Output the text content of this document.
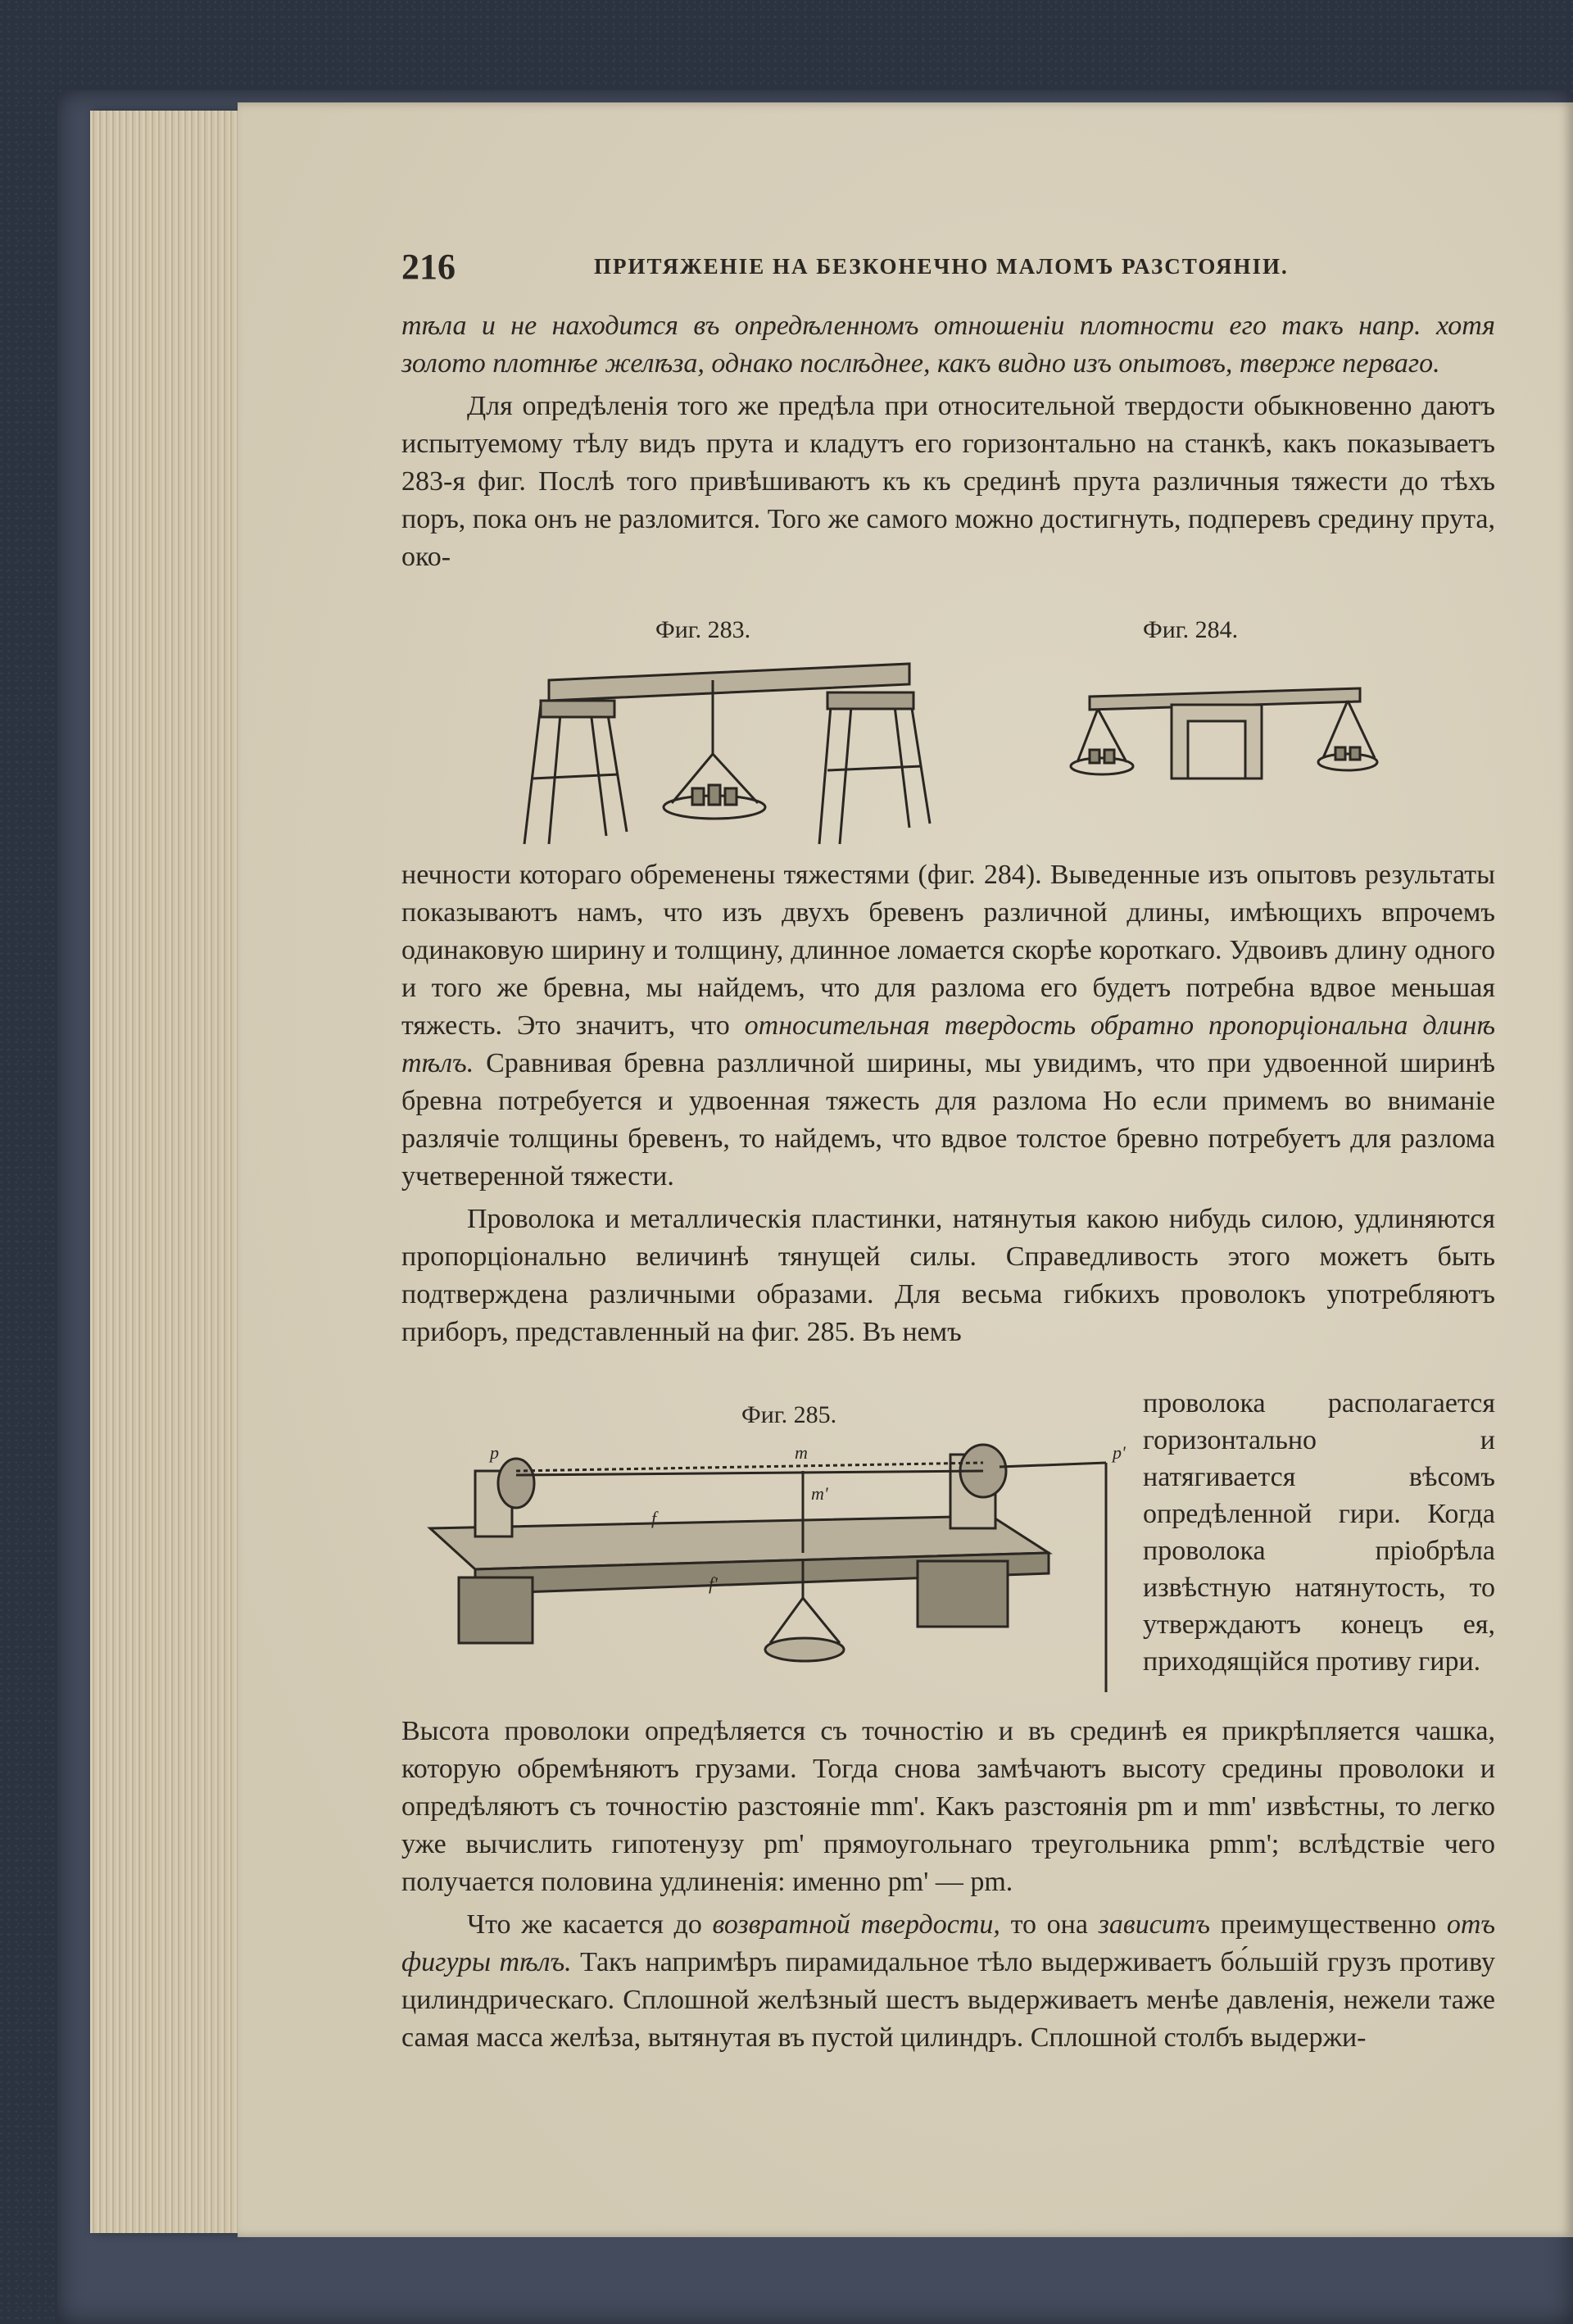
216	ПРИТЯЖЕНІЕ НА БЕЗКОНЕЧНО МАЛОМЪ РАЗСТОЯНІИ.

тѣла и не находится въ опредѣленномъ отношеніи плотности его такъ напр. хотя золото плотнѣе желѣза, однако послѣднее, какъ видно изъ опытовъ, тверже перваго.

Для опредѣленія того же предѣла при относительной твердости обыкновенно даютъ испытуемому тѣлу видъ прута и кладутъ его горизонтально на станкѣ, какъ показываетъ 283-я фиг. Послѣ того привѣшиваютъ къ къ срединѣ прута различныя тяжести до тѣхъ поръ, пока онъ не разломится. Того же самого можно достигнуть, подперевъ средину прута, око-

Фиг. 283.	Фиг. 284.

нечности котораго обременены тяжестями (фиг. 284). Выведенные изъ опытовъ результаты показываютъ намъ, что изъ двухъ бревенъ различной длины, имѣющихъ впрочемъ одинаковую ширину и толщину, длинное ломается скорѣе короткаго. Удвоивъ длину одного и того же бревна, мы найдемъ, что для разлома его будетъ потребна вдвое меньшая тяжесть. Это значитъ, что относительная твердость обратно пропорціональна длинѣ тѣлъ. Сравнивая бревна разлличной ширины, мы увидимъ, что при удвоенной ширинѣ бревна потребуется и удвоенная тяжесть для разлома Но если примемъ во вниманіе разлячіе толщины бревенъ, то найдемъ, что вдвое толстое бревно потребуетъ для разлома учетверенной тяжести.

Проволока и металлическія пластинки, натянутыя какою нибудь силою, удлиняются пропорціонально величинѣ тянущей силы. Справедливость этого можетъ быть подтверждена различными образами. Для весьма гибкихъ проволокъ употребляютъ приборъ, представленный на фиг. 285. Въ немъ

Фиг. 285.	проволока располагается горизонтально и натягивается вѣсомъ опредѣленной гири. Когда проволока пріобрѣла извѣстную натянутость, то утверждаютъ конецъ ея, приходящійся противу гири.
p	p'
m
m'
f
f'

Высота проволоки опредѣляется съ точностію и въ срединѣ ея прикрѣпляется чашка, которую обремѣняютъ грузами. Тогда снова замѣчаютъ высоту средины проволоки и опредѣляютъ съ точностію разстояніе mm'. Какъ разстоянія pm и mm' извѣстны, то легко уже вычислить гипотенузу pm' прямоугольнаго треугольника pmm'; вслѣдствіе чего получается половина удлиненія: именно pm' — pm.

Что же касается до возвратной твердости, то она зависитъ преимущественно отъ фигуры тѣлъ. Такъ напримѣръ пирамидальное тѣло выдерживаетъ бо́льшій грузъ противу цилиндрическаго. Сплошной желѣзный шестъ выдерживаетъ менѣе давленія, нежели таже самая масса желѣза, вытянутая въ пустой цилиндръ. Сплошной столбъ выдержи-
